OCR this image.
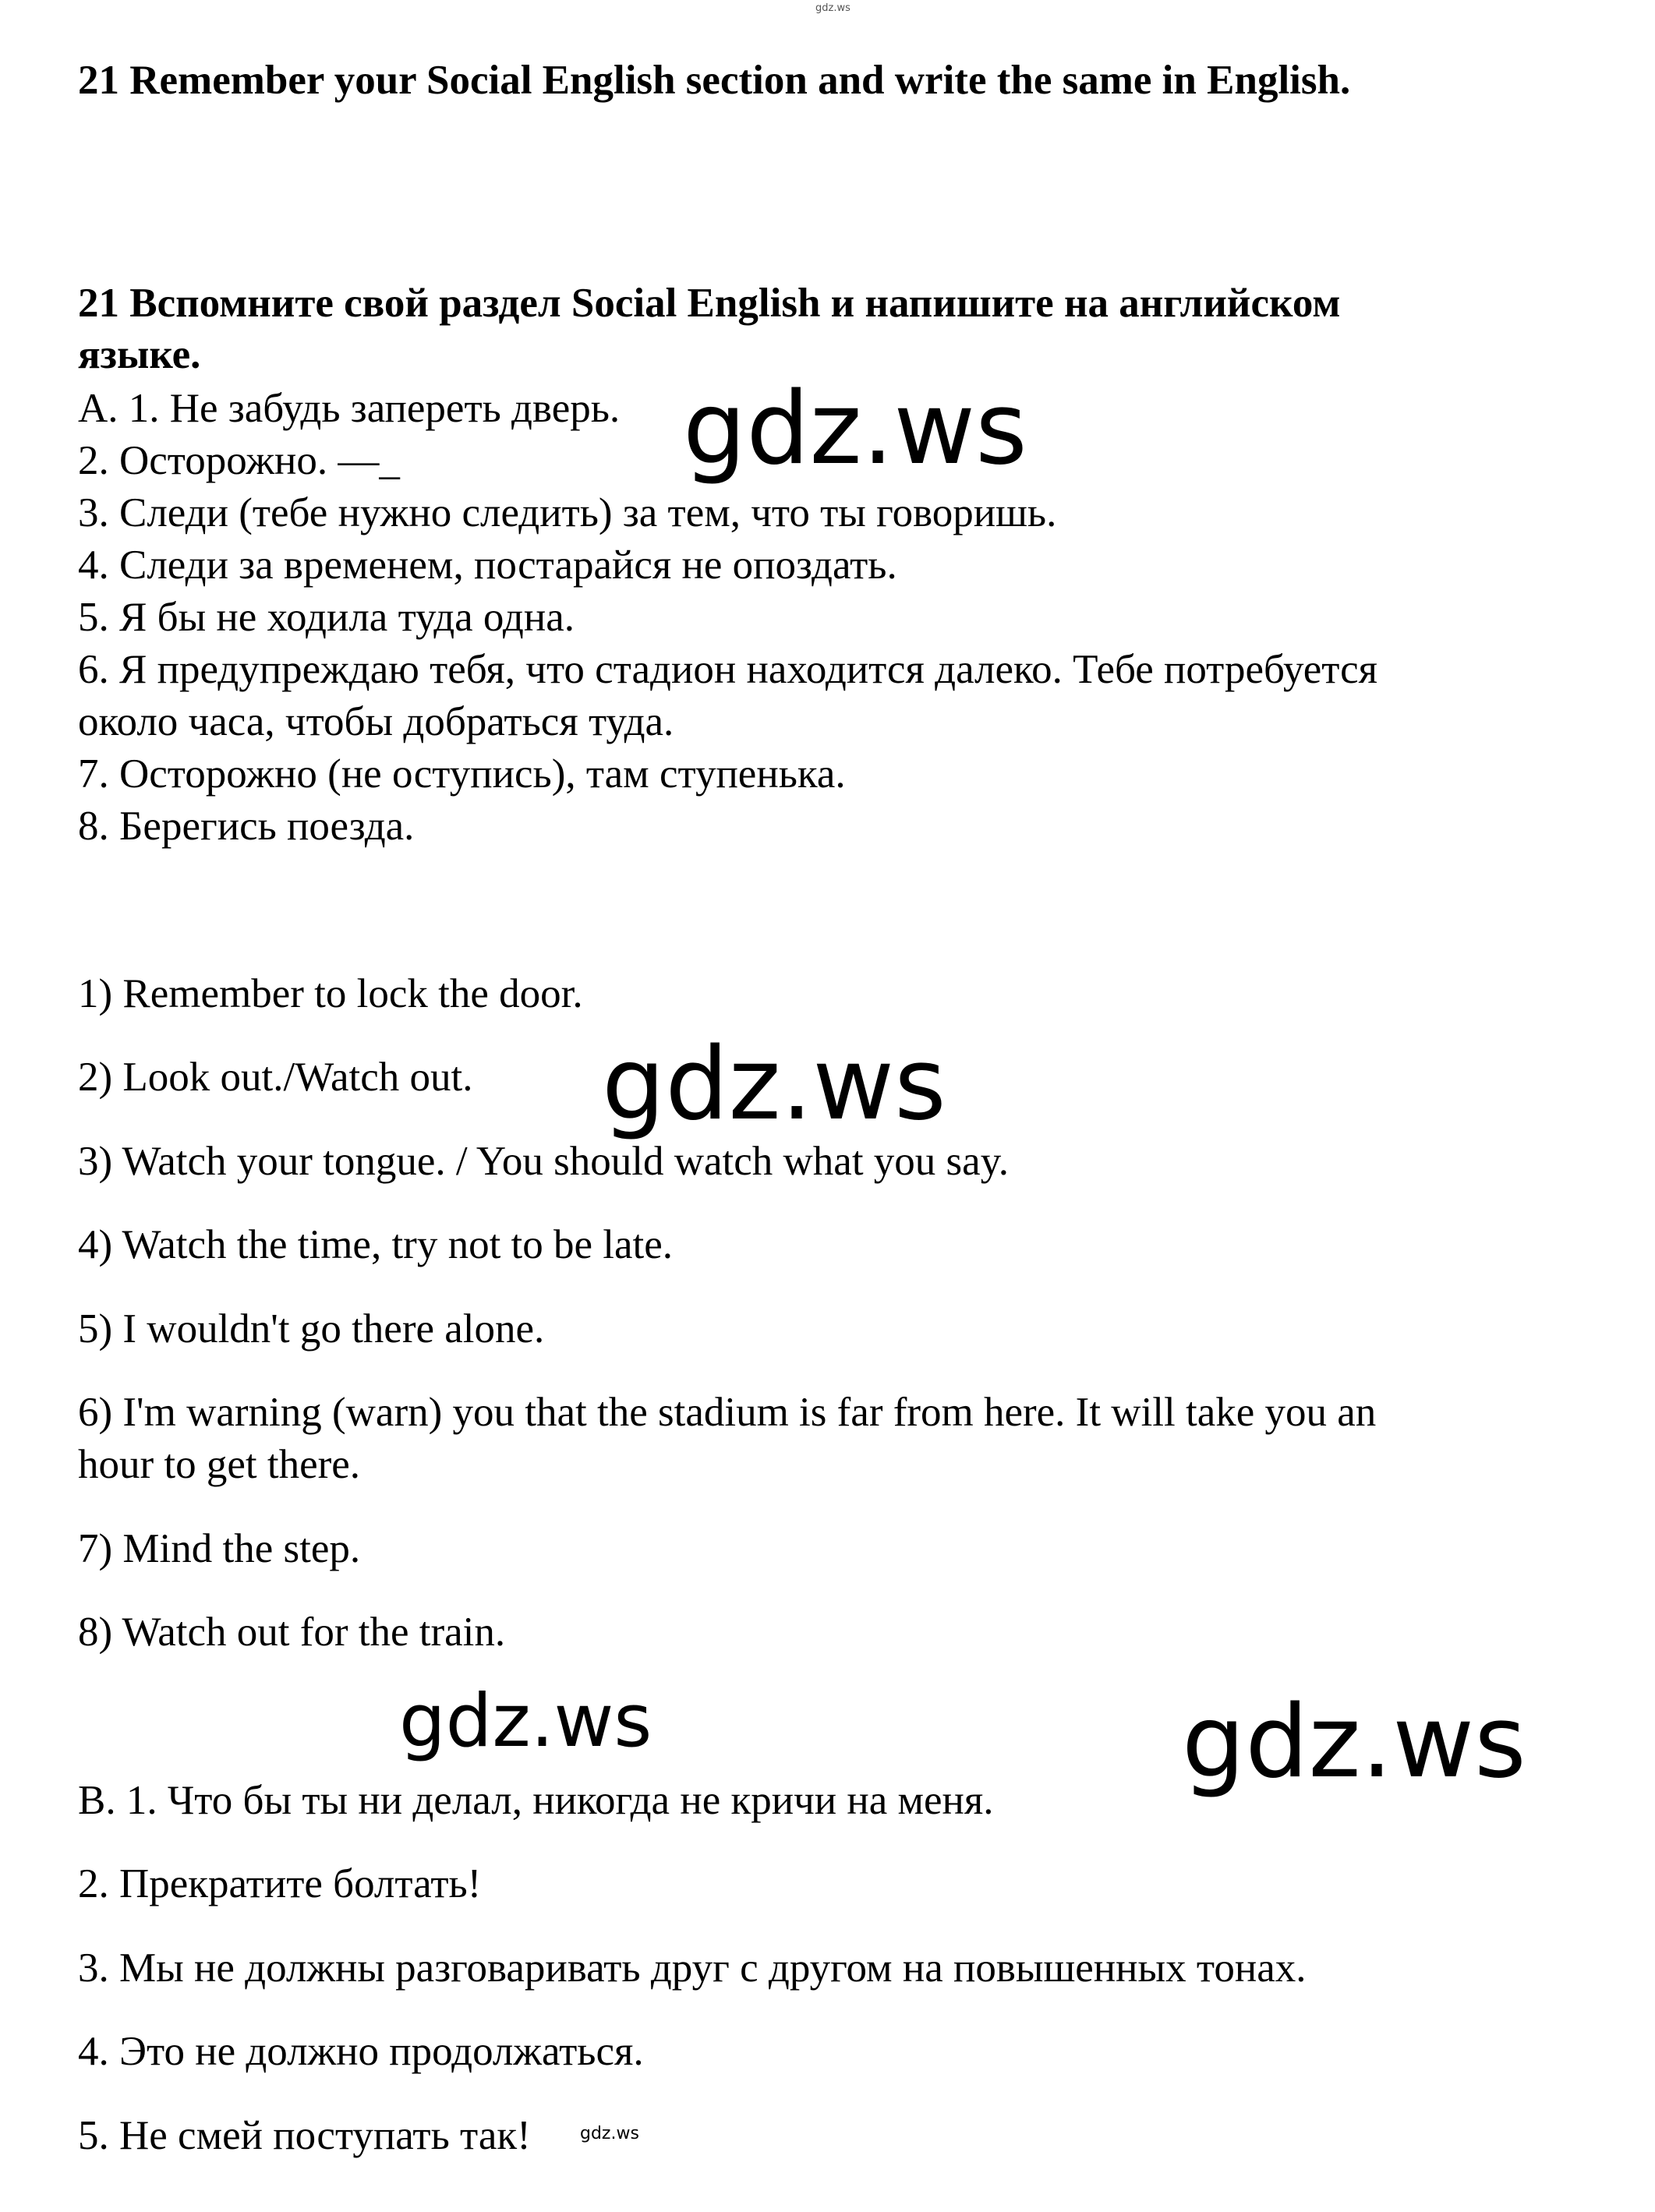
gdz.ws
21 Remember your Social English section and write the same in English.
21 Вспомните свой раздел Social English и напишите на английском
языке.
А. 1. Не забудь запереть дверь.
2. Осторожно. —_
3. Следи (тебе нужно следить) за тем, что ты говоришь.
4. Следи за временем, постарайся не опоздать.
5. Я бы не ходила туда одна.
6. Я предупреждаю тебя, что стадион находится далеко. Тебе потребуется
около часа, чтобы добраться туда.
7. Осторожно (не оступись), там ступенька.
8. Берегись поезда.
1) Remember to lock the door.
2) Look out./Watch out.
3) Watch your tongue. / You should watch what you say.
4) Watch the time, try not to be late.
5) I wouldn't go there alone.
6) I'm warning (warn) you that the stadium is far from here. It will take you an
hour to get there.
7) Mind the step.
8) Watch out for the train.
В. 1. Что бы ты ни делал, никогда не кричи на меня.
2. Прекратите болтать!
3. Мы не должны разговаривать друг с другом на повышенных тонах.
4. Это не должно продолжаться.
5. Не смей поступать так!
gdz.ws
gdz.ws
gdz.ws	gdz.ws
gdz.ws
